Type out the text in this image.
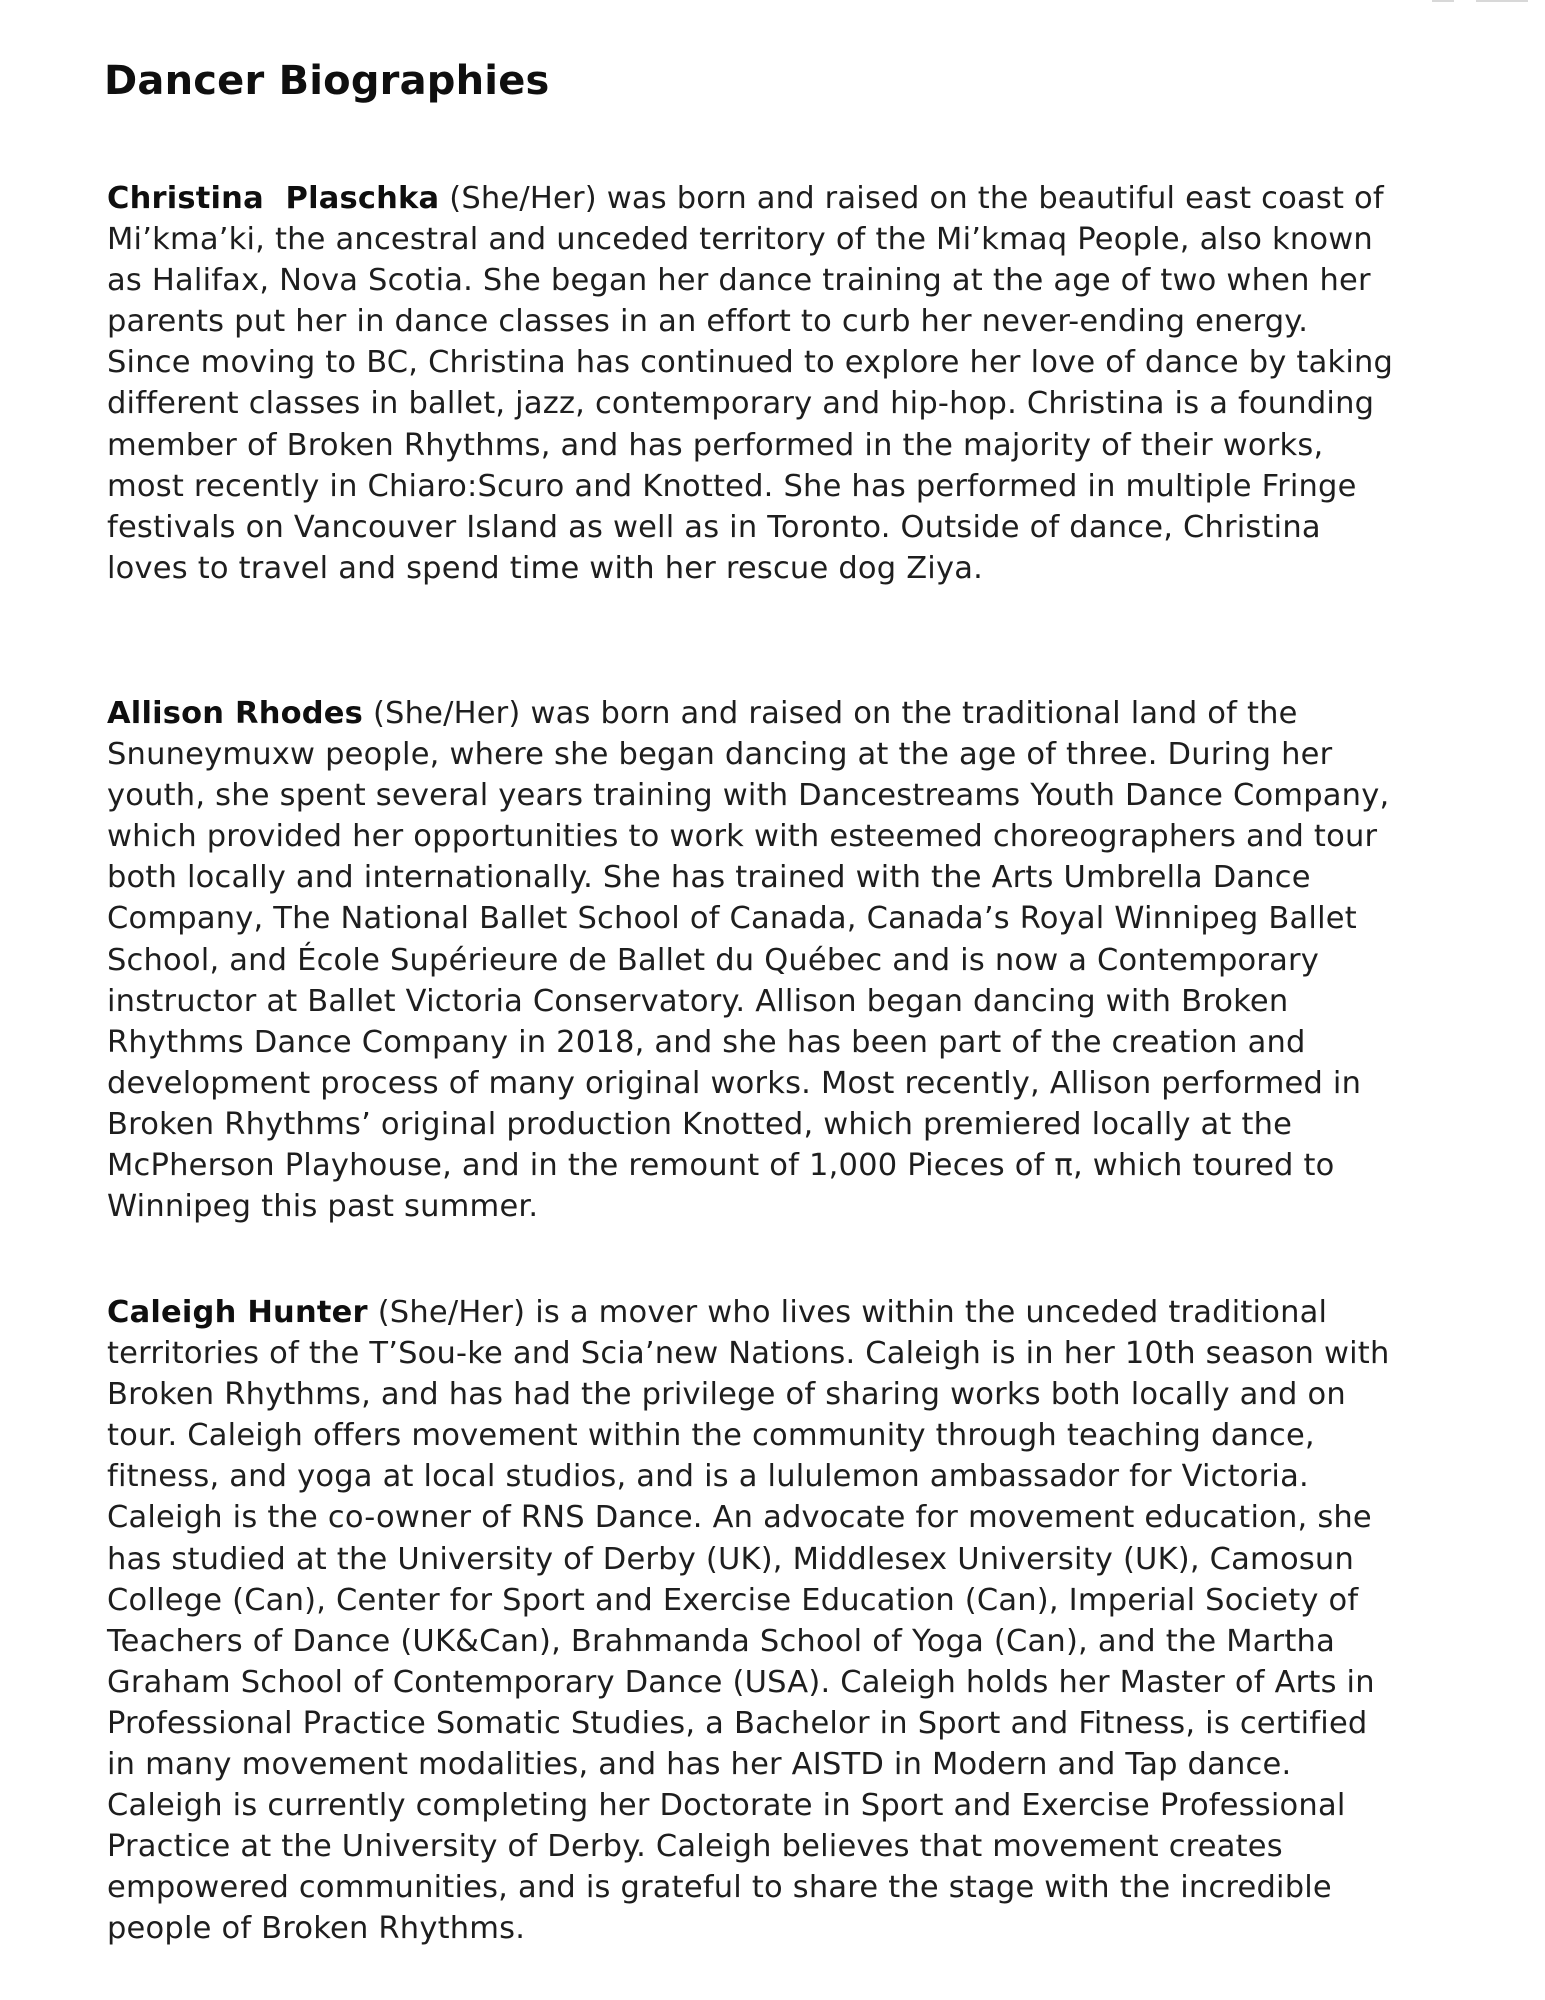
Dancer Biographies

Christina  Plaschka (She/Her) was born and raised on the beautiful east coast of Mi’kma’ki, the ancestral and unceded territory of the Mi’kmaq People, also known as Halifax, Nova Scotia. She began her dance training at the age of two when her parents put her in dance classes in an effort to curb her never-ending energy. Since moving to BC, Christina has continued to explore her love of dance by taking different classes in ballet, jazz, contemporary and hip-hop. Christina is a founding member of Broken Rhythms, and has performed in the majority of their works, most recently in Chiaro:Scuro and Knotted. She has performed in multiple Fringe festivals on Vancouver Island as well as in Toronto. Outside of dance, Christina loves to travel and spend time with her rescue dog Ziya.

Allison Rhodes (She/Her) was born and raised on the traditional land of the Snuneymuxw people, where she began dancing at the age of three. During her youth, she spent several years training with Dancestreams Youth Dance Company, which provided her opportunities to work with esteemed choreographers and tour both locally and internationally. She has trained with the Arts Umbrella Dance Company, The National Ballet School of Canada, Canada’s Royal Winnipeg Ballet School, and École Supérieure de Ballet du Québec and is now a Contemporary instructor at Ballet Victoria Conservatory. Allison began dancing with Broken Rhythms Dance Company in 2018, and she has been part of the creation and development process of many original works. Most recently, Allison performed in Broken Rhythms’ original production Knotted, which premiered locally at the McPherson Playhouse, and in the remount of 1,000 Pieces of π, which toured to Winnipeg this past summer.

Caleigh Hunter (She/Her) is a mover who lives within the unceded traditional territories of the T’Sou-ke and Scia’new Nations. Caleigh is in her 10th season with Broken Rhythms, and has had the privilege of sharing works both locally and on tour. Caleigh offers movement within the community through teaching dance, fitness, and yoga at local studios, and is a lululemon ambassador for Victoria. Caleigh is the co-owner of RNS Dance. An advocate for movement education, she has studied at the University of Derby (UK), Middlesex University (UK), Camosun College (Can), Center for Sport and Exercise Education (Can), Imperial Society of Teachers of Dance (UK&Can), Brahmanda School of Yoga (Can), and the Martha Graham School of Contemporary Dance (USA). Caleigh holds her Master of Arts in Professional Practice Somatic Studies, a Bachelor in Sport and Fitness, is certified in many movement modalities, and has her AISTD in Modern and Tap dance. Caleigh is currently completing her Doctorate in Sport and Exercise Professional Practice at the University of Derby. Caleigh believes that movement creates empowered communities, and is grateful to share the stage with the incredible people of Broken Rhythms.
